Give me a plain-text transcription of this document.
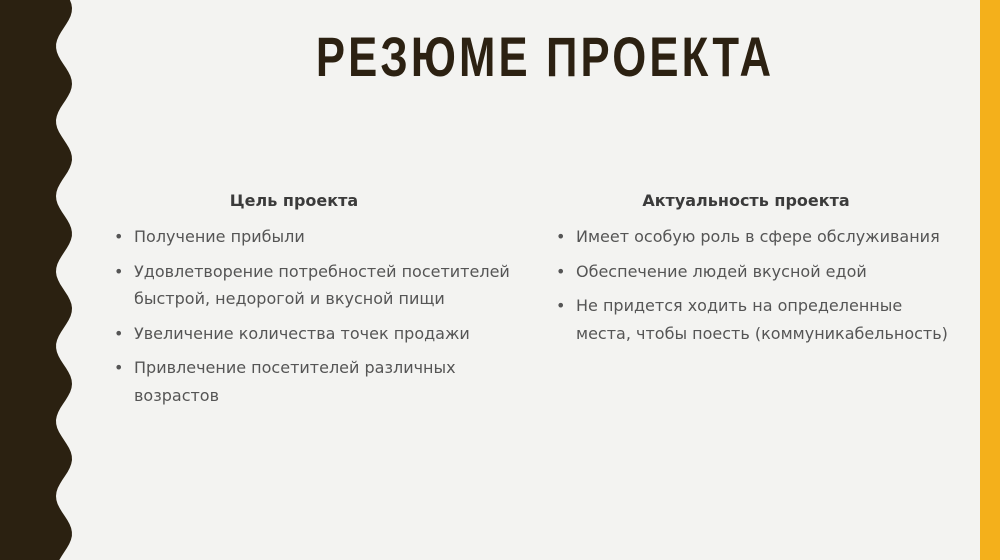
РЕЗЮМЕ ПРОЕКТА
Цель проекта
• Получение прибыли
• Удовлетворение потребностей посетителей быстрой, недорогой и вкусной пищи
• Увеличение количества точек продажи
• Привлечение посетителей различных возрастов
Актуальность проекта
• Имеет особую роль в сфере обслуживания
• Обеспечение людей вкусной едой
• Не придется ходить на определенные места, чтобы поесть (коммуникабельность)
